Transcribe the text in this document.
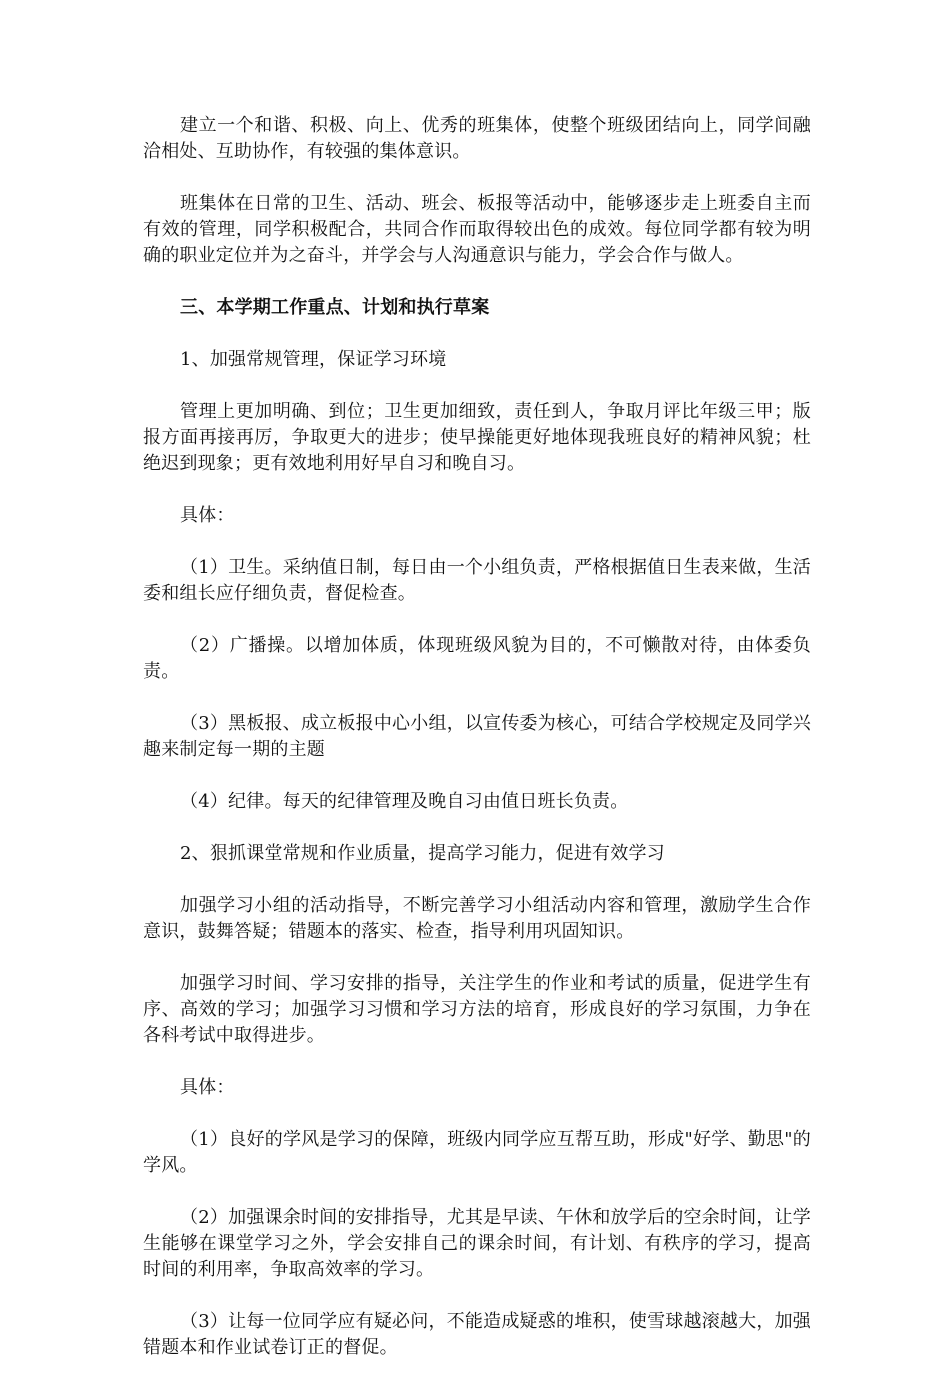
建立一个和谐、积极、向上、优秀的班集体，使整个班级团结向上，同学间融洽相处、互助协作，有较强的集体意识。

班集体在日常的卫生、活动、班会、板报等活动中，能够逐步走上班委自主而有效的管理，同学积极配合，共同合作而取得较出色的成效。每位同学都有较为明确的职业定位并为之奋斗，并学会与人沟通意识与能力，学会合作与做人。

三、本学期工作重点、计划和执行草案

1、加强常规管理，保证学习环境

管理上更加明确、到位；卫生更加细致，责任到人，争取月评比年级三甲；版报方面再接再厉，争取更大的进步；使早操能更好地体现我班良好的精神风貌；杜绝迟到现象；更有效地利用好早自习和晚自习。

具体：

（1）卫生。采纳值日制，每日由一个小组负责，严格根据值日生表来做，生活委和组长应仔细负责，督促检查。

（2）广播操。以增加体质，体现班级风貌为目的，不可懒散对待，由体委负责。

（3）黑板报、成立板报中心小组，以宣传委为核心，可结合学校规定及同学兴趣来制定每一期的主题

（4）纪律。每天的纪律管理及晚自习由值日班长负责。

2、狠抓课堂常规和作业质量，提高学习能力，促进有效学习

加强学习小组的活动指导，不断完善学习小组活动内容和管理，激励学生合作意识，鼓舞答疑；错题本的落实、检查，指导利用巩固知识。

加强学习时间、学习安排的指导，关注学生的作业和考试的质量，促进学生有序、高效的学习；加强学习习惯和学习方法的培育，形成良好的学习氛围，力争在各科考试中取得进步。

具体：

（1）良好的学风是学习的保障，班级内同学应互帮互助，形成"好学、勤思"的学风。

（2）加强课余时间的安排指导，尤其是早读、午休和放学后的空余时间，让学生能够在课堂学习之外，学会安排自己的课余时间，有计划、有秩序的学习，提高时间的利用率，争取高效率的学习。

（3）让每一位同学应有疑必问，不能造成疑惑的堆积，使雪球越滚越大，加强错题本和作业试卷订正的督促。
